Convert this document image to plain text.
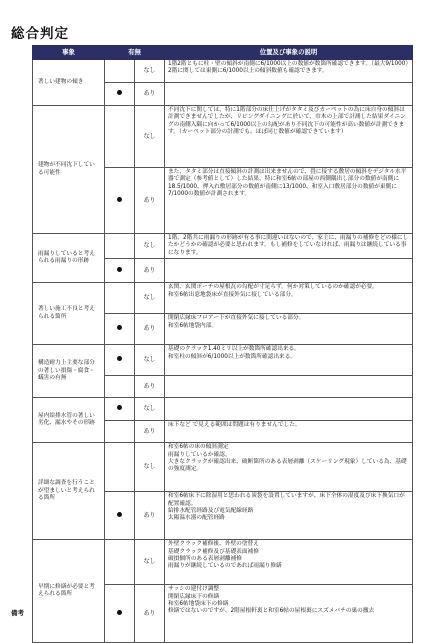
総合判定
事象	有無		位置及び事象の説明
著しい建物の傾き		なし	1階2階ともに柱・壁の傾斜が南側に6/1000以上の数値が数箇所確認できます。（最大9/1000）
2階に関しては東側に6/1000以上の傾斜数値も確認できます。

		あり	
建物が不同沈下している可能性		なし	不同沈下に関しては、特に1階部分の床仕上げがタタミ及びカーペットの為に床自身の傾斜は計測できませんでしたが、リビングダイニングに於いて、巾木の上部で計測した結果ダイニングの南側入隅に向かって6/1000以上の勾配があり不同沈下の可能性が高い数値が計測できます。（カーペット部分の計測でも、ほぼ同じ数値が確認できています）

		あり	また、タタミ部分は直接傾斜の計測は出来ませんので、畳に接する敷居の傾斜をデジタル水平器で測定（参考値として）した結果、特に和室6帖の部屋の西側隅出し部分の数値が南側に18.5/1000、押入れ敷居部分の数値が南側に13/1000、和室入口敷居部分の数値が東側に7/1000の数値が計測されます。

雨漏りしていると考えられる雨漏りの形跡		なし	1階、2階共に雨漏りの形跡が有る事に間違いはないので、家主に、雨漏りの補修をどの様にしたかどうかの確認が必要と思われます。もし補修をしていなければ、雨漏りは継続している事になります。

		あり	
著しい施工不良と考えられる箇所		なし	玄関、玄関ポーチの屋根瓦の勾配が寸足らず。何か対策しているのか確認が必要。
和室6帖出窓地袋床が直接外気に接している部分。

		あり	開閉広縁床フロアー下が直接外気に接している部分。
和室6帖地袋内部。

構造耐力上主要な部分の著しい損傷・腐食・蟻害の有無		なし	基礎のクラック1.40ミリ以上が数箇所確認出来る。
和室柱の傾斜が6/1000以上が数箇所確認出来る。

		あり	
屋内給排水管の著しい劣化、漏水やその形跡		なし	
		あり	床下など で見える範囲は問題は有りませんでした。

詳細な調査を行うことが望ましいと考えられる箇所		なし	和室6帖の床の傾斜測定
雨漏りしているか確認。
大きなクラックが確認出来、破断箇所のある表層剥離（スケーリング現象）している為、基礎の強度測定。

		あり	和室6帖床下に除湿用と思われる炭袋を設置していますが、床下全体の湿度及び床下換気口が配置確認。
給排水配管経路及び電気配線経路
太陽温水器の配管経路

早期に修繕が必要と考えられる箇所		なし	外壁クラック補修後、外壁の塗替え
基礎クラック補修及び基礎表面補修
破損個所のある表層剥離補修
雨漏りが継続しているのであれば雨漏り修繕

		あり	サッシの建付け調整
開閉広縁床下の修繕
和室6帖地袋床下の修繕
修繕ではないのですが、2階屋根軒裏と和室6帖の屋根裏にスズメバチの巣の撤去
備考
